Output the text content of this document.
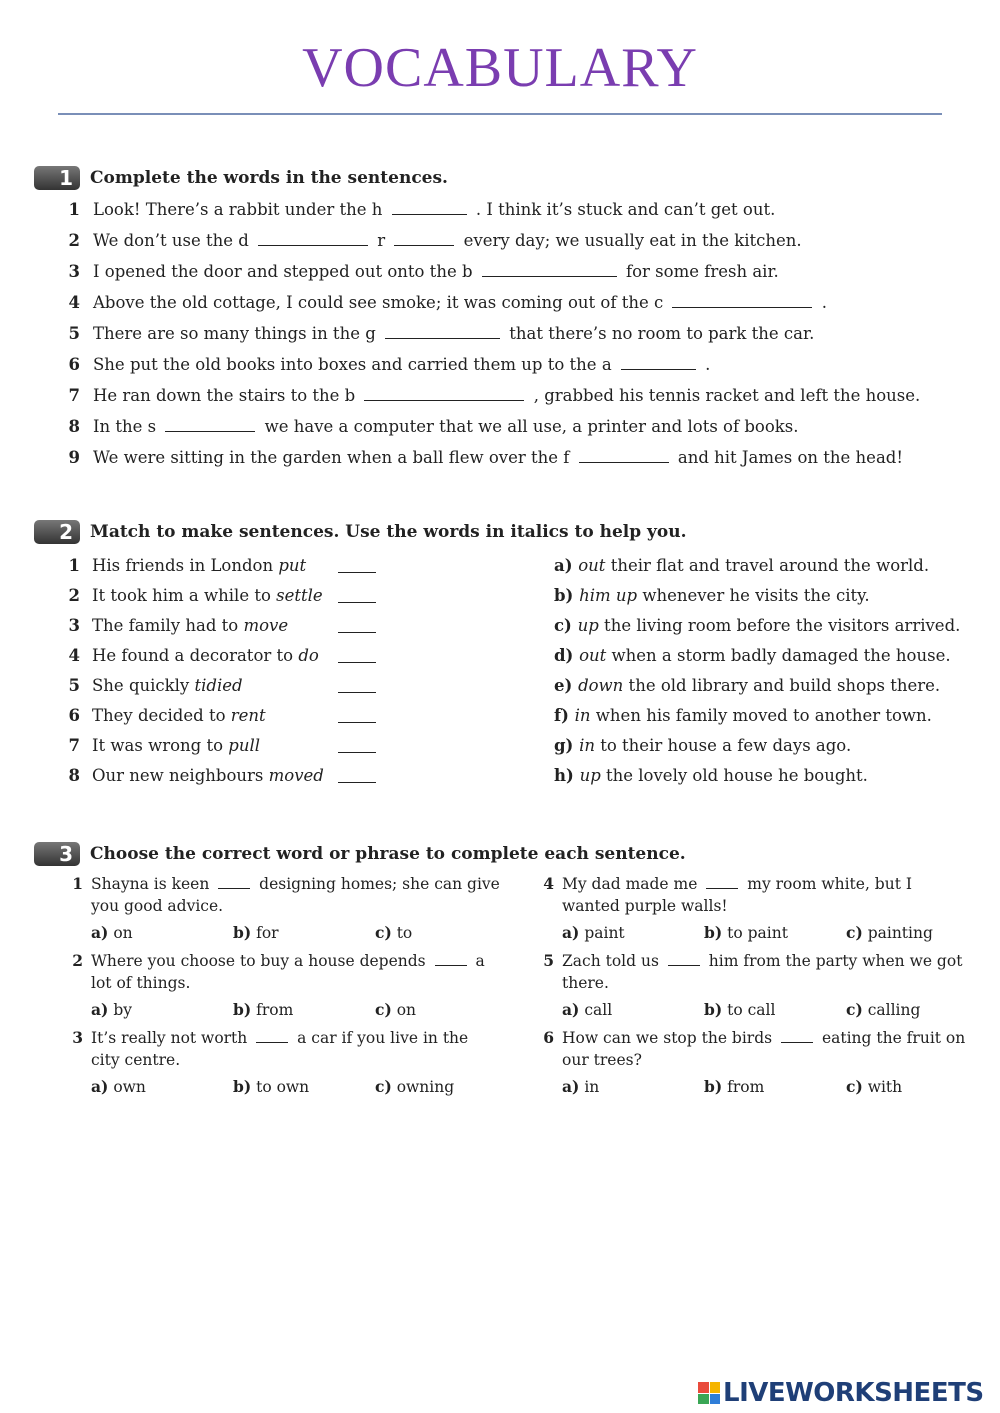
VOCABULARY
1	Complete the words in the sentences.
1 Look! There’s a rabbit under the h	. I think it’s stuck and can’t get out.
2 We don’t use the d	r	every day; we usually eat in the kitchen.
3 I opened the door and stepped out onto the b	for some fresh air.
4 Above the old cottage, I could see smoke; it was coming out of the c	.
5 There are so many things in the g	that there’s no room to park the car.
6 She put the old books into boxes and carried them up to the a	.
7 He ran down the stairs to the b	, grabbed his tennis racket and left the house.
8 In the s	we have a computer that we all use, a printer and lots of books.
9 We were sitting in the garden when a ball flew over the f	and hit James on the head!
2	Match to make sentences. Use the words in italics to help you.
1 His friends in London put	a) out their flat and travel around the world.
2 It took him a while to settle	b) him up whenever he visits the city.
3 The family had to move	c) up the living room before the visitors arrived.
4 He found a decorator to do	d) out when a storm badly damaged the house.
5 She quickly tidied	e) down the old library and build shops there.
6 They decided to rent	f) in when his family moved to another town.
7 It was wrong to pull	g) in to their house a few days ago.
8 Our new neighbours moved	h) up the lovely old house he bought.
3	Choose the correct word or phrase to complete each sentence.
1 Shayna is keen	designing homes; she can give you good advice.
a) on	b) for	c) to
2 Where you choose to buy a house depends	a lot of things.
a) by	b) from	c) on
3 It’s really not worth	a car if you live in the city centre.
a) own	b) to own	c) owning
4 My dad made me	my room white, but I wanted purple walls!
a) paint	b) to paint	c) painting
5 Zach told us	him from the party when we got there.
a) call	b) to call	c) calling
6 How can we stop the birds	eating the fruit on our trees?
a) in	b) from	c) with
LIVEWORKSHEETS
